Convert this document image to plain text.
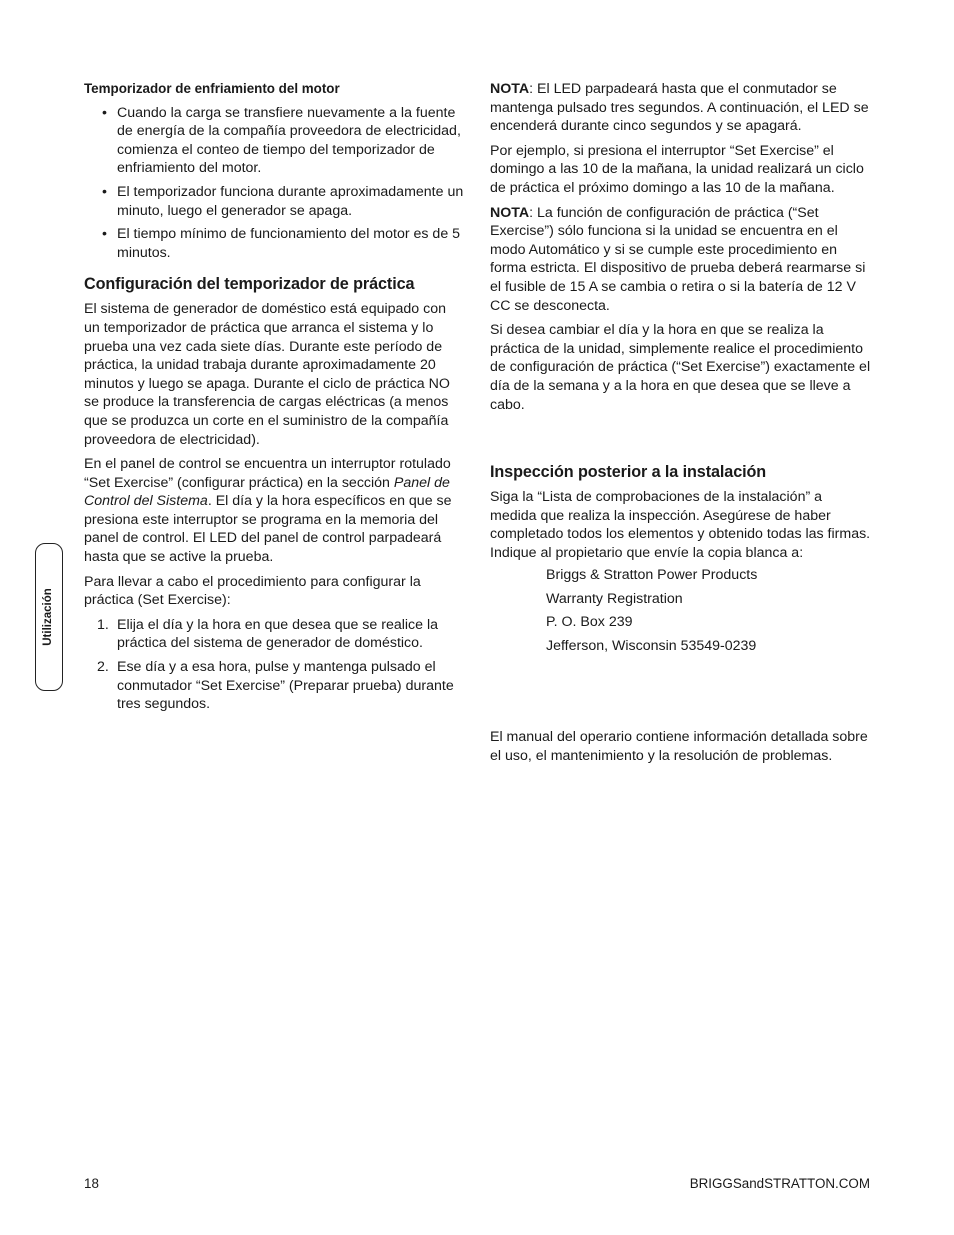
Temporizador de enfriamiento del motor
• Cuando la carga se transfiere nuevamente a la fuente de energía de la compañía proveedora de electricidad, comienza el conteo de tiempo del temporizador de enfriamiento del motor.
• El temporizador funciona durante aproximadamente un minuto, luego el generador se apaga.
• El tiempo mínimo de funcionamiento del motor es de 5 minutos.
Configuración del temporizador de práctica

El sistema de generador de doméstico está equipado con un temporizador de práctica que arranca el sistema y lo prueba una vez cada siete días. Durante este período de práctica, la unidad trabaja durante aproximadamente 20 minutos y luego se apaga. Durante el ciclo de práctica NO se produce la transferencia de cargas eléctricas (a menos que se produzca un corte en el suministro de la compañía proveedora de electricidad).

En el panel de control se encuentra un interruptor rotulado “Set Exercise” (configurar práctica) en la sección Panel de Control del Sistema. El día y la hora específicos en que se presiona este interruptor se programa en la memoria del panel de control. El LED del panel de control parpadeará hasta que se active la prueba.

Para llevar a cabo el procedimiento para configurar la práctica (Set Exercise):

1. Elija el día y la hora en que desea que se realice la práctica del sistema de generador de doméstico.
2. Ese día y a esa hora, pulse y mantenga pulsado el conmutador “Set Exercise” (Preparar prueba) durante tres segundos.

NOTA: El LED parpadeará hasta que el conmutador se mantenga pulsado tres segundos. A continuación, el LED se encenderá durante cinco segundos y se apagará.

Por ejemplo, si presiona el interruptor “Set Exercise” el domingo a las 10 de la mañana, la unidad realizará un ciclo de práctica el próximo domingo a las 10 de la mañana.

NOTA: La función de configuración de práctica (“Set Exercise”) sólo funciona si la unidad se encuentra en el modo Automático y si se cumple este procedimiento en forma estricta. El dispositivo de prueba deberá rearmarse si el fusible de 15 A se cambia o retira o si la batería de 12 V CC se desconecta.

Si desea cambiar el día y la hora en que se realiza la práctica de la unidad, simplemente realice el procedimiento de configuración de práctica (“Set Exercise”) exactamente el día de la semana y a la hora en que desea que se lleve a cabo.

Inspección posterior a la instalación

Siga la “Lista de comprobaciones de la instalación” a medida que realiza la inspección. Asegúrese de haber completado todos los elementos y obtenido todas las firmas. Indique al propietario que envíe la copia blanca a:

Briggs & Stratton Power Products
Warranty Registration
P. O. Box 239
Jefferson, Wisconsin 53549-0239

El manual del operario contiene información detallada sobre el uso, el mantenimiento y la resolución de problemas.

Utilización
18	BRIGGSandSTRATTON.COM
